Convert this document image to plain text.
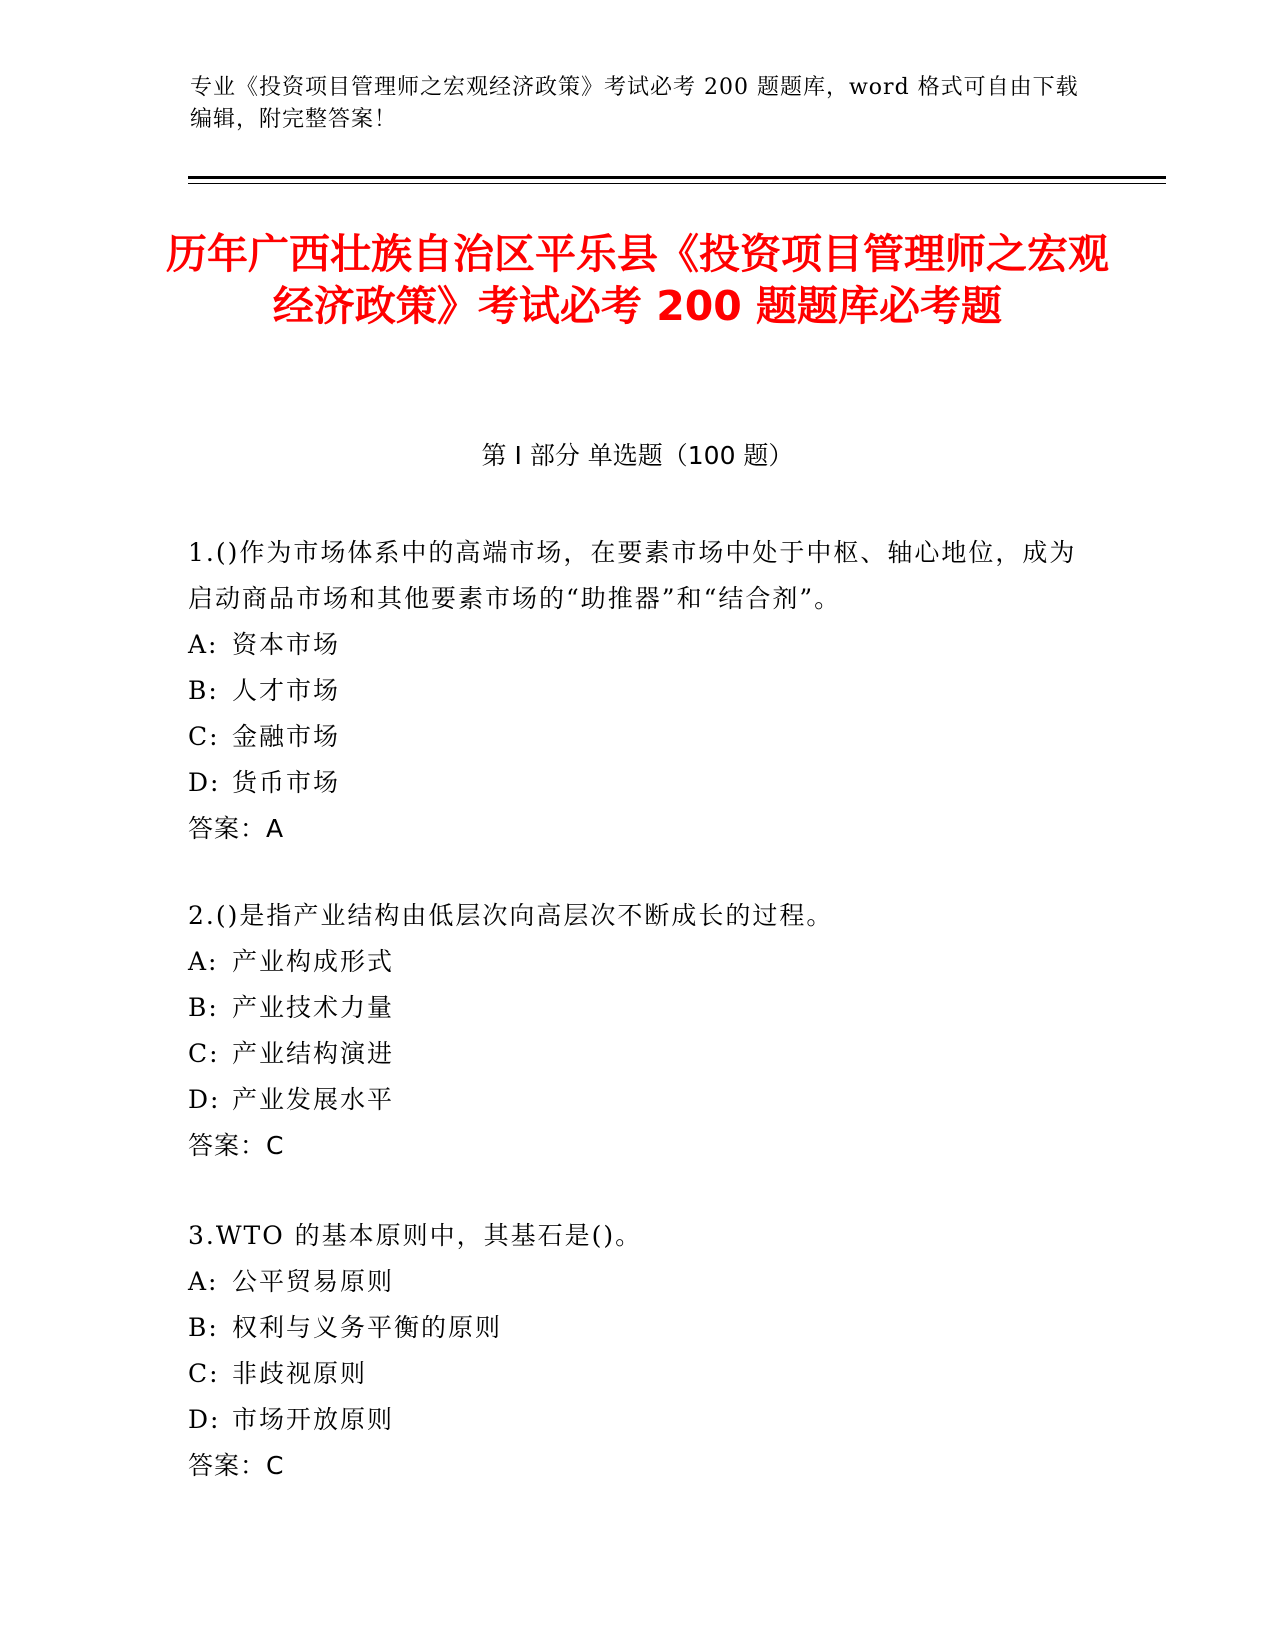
专业《投资项目管理师之宏观经济政策》考试必考 200 题题库，word 格式可自由下载编辑，附完整答案！
历年广西壮族自治区平乐县《投资项目管理师之宏观经济政策》考试必考 200 题题库必考题
第 I 部分 单选题（100 题）
1.()作为市场体系中的高端市场，在要素市场中处于中枢、轴心地位，成为启动商品市场和其他要素市场的“助推器”和“结合剂”。
A: 资本市场
B: 人才市场
C: 金融市场
D: 货币市场
答案：A
2.()是指产业结构由低层次向高层次不断成长的过程。
A: 产业构成形式
B: 产业技术力量
C: 产业结构演进
D: 产业发展水平
答案：C
3.WTO 的基本原则中，其基石是()。
A: 公平贸易原则
B: 权利与义务平衡的原则
C: 非歧视原则
D: 市场开放原则
答案：C
